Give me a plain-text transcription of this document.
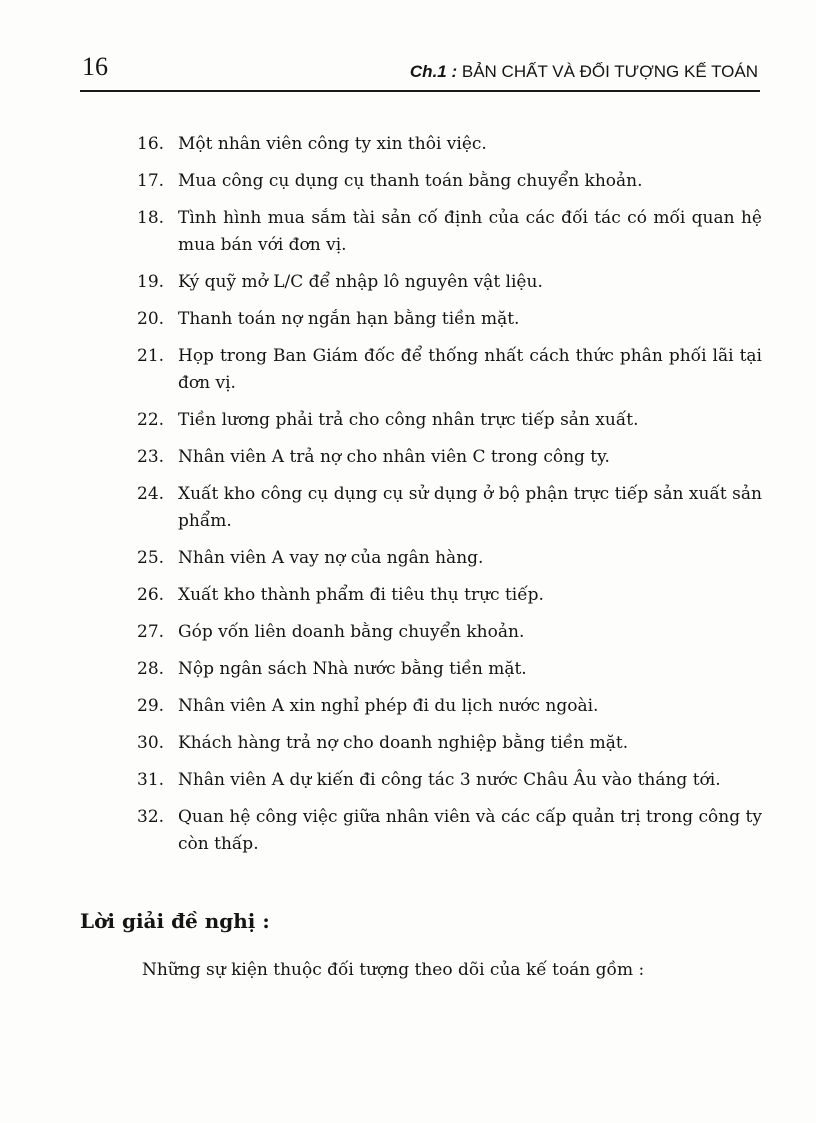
16	Ch.1 : BẢN CHẤT VÀ ĐỐI TƯỢNG KẾ TOÁN
16. Một nhân viên công ty xin thôi việc.
17. Mua công cụ dụng cụ thanh toán bằng chuyển khoản.
18. Tình hình mua sắm tài sản cố định của các đối tác có mối quan hệ mua bán với đơn vị.
19. Ký quỹ mở L/C để nhập lô nguyên vật liệu.
20. Thanh toán nợ ngắn hạn bằng tiền mặt.
21. Họp trong Ban Giám đốc để thống nhất cách thức phân phối lãi tại đơn vị.
22. Tiền lương phải trả cho công nhân trực tiếp sản xuất.
23. Nhân viên A trả nợ cho nhân viên C trong công ty.
24. Xuất kho công cụ dụng cụ sử dụng ở bộ phận trực tiếp sản xuất sản phẩm.
25. Nhân viên A vay nợ của ngân hàng.
26. Xuất kho thành phẩm đi tiêu thụ trực tiếp.
27. Góp vốn liên doanh bằng chuyển khoản.
28. Nộp ngân sách Nhà nước bằng tiền mặt.
29. Nhân viên A xin nghỉ phép đi du lịch nước ngoài.
30. Khách hàng trả nợ cho doanh nghiệp bằng tiền mặt.
31. Nhân viên A dự kiến đi công tác 3 nước Châu Âu vào tháng tới.
32. Quan hệ công việc giữa nhân viên và các cấp quản trị trong công ty còn thấp.
Lời giải đề nghị :
Những sự kiện thuộc đối tượng theo dõi của kế toán gồm :
